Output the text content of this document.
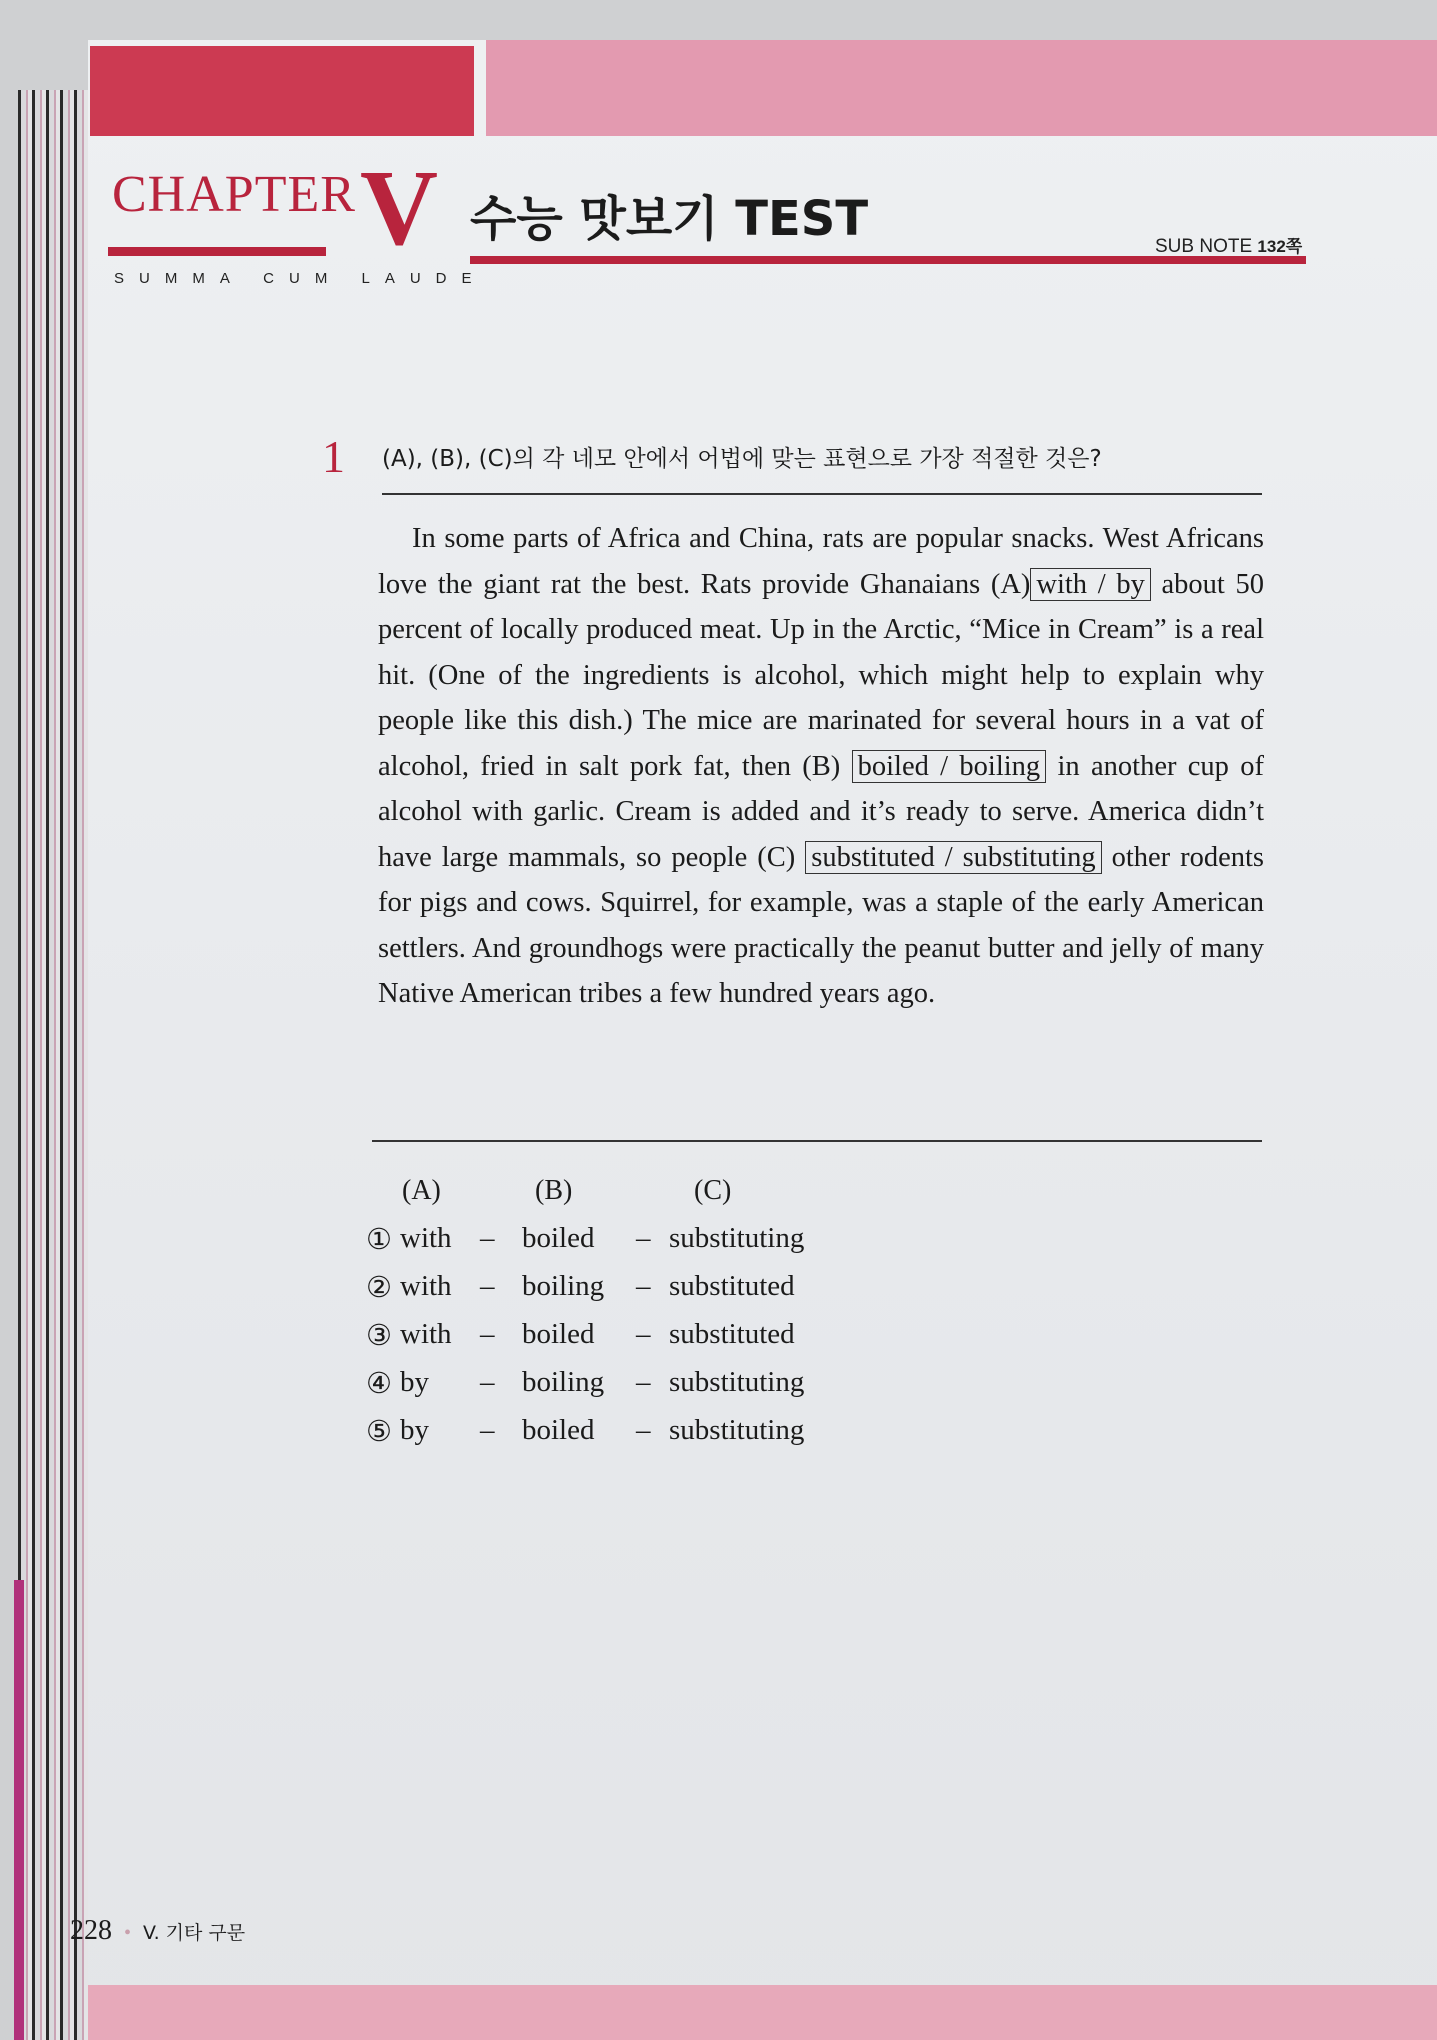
CHAPTER V 수능 맛보기 TEST	SUB NOTE 132쪽
SUMMA CUM LAUDE
1 (A), (B), (C)의 각 네모 안에서 어법에 맞는 표현으로 가장 적절한 것은?

In some parts of Africa and China, rats are popular snacks. West Africans love the giant rat the best. Rats provide Ghanaians (A) with / by about 50 percent of locally produced meat. Up in the Arctic, “Mice in Cream” is a real hit. (One of the ingredients is alcohol, which might help to explain why people like this dish.) The mice are marinated for several hours in a vat of alcohol, fried in salt pork fat, then (B) boiled / boiling in another cup of alcohol with garlic. Cream is added and it’s ready to serve. America didn’t have large mammals, so people (C) substituted / substituting other rodents for pigs and cows. Squirrel, for example, was a staple of the early American settlers. And groundhogs were practically the peanut butter and jelly of many Native American tribes a few hundred years ago.

(A)	(B)	(C)
① with – boiled – substituting
② with – boiling – substituted
③ with – boiled – substituted
④ by – boiling – substituting
⑤ by – boiled – substituting
228 • V. 기타 구문
